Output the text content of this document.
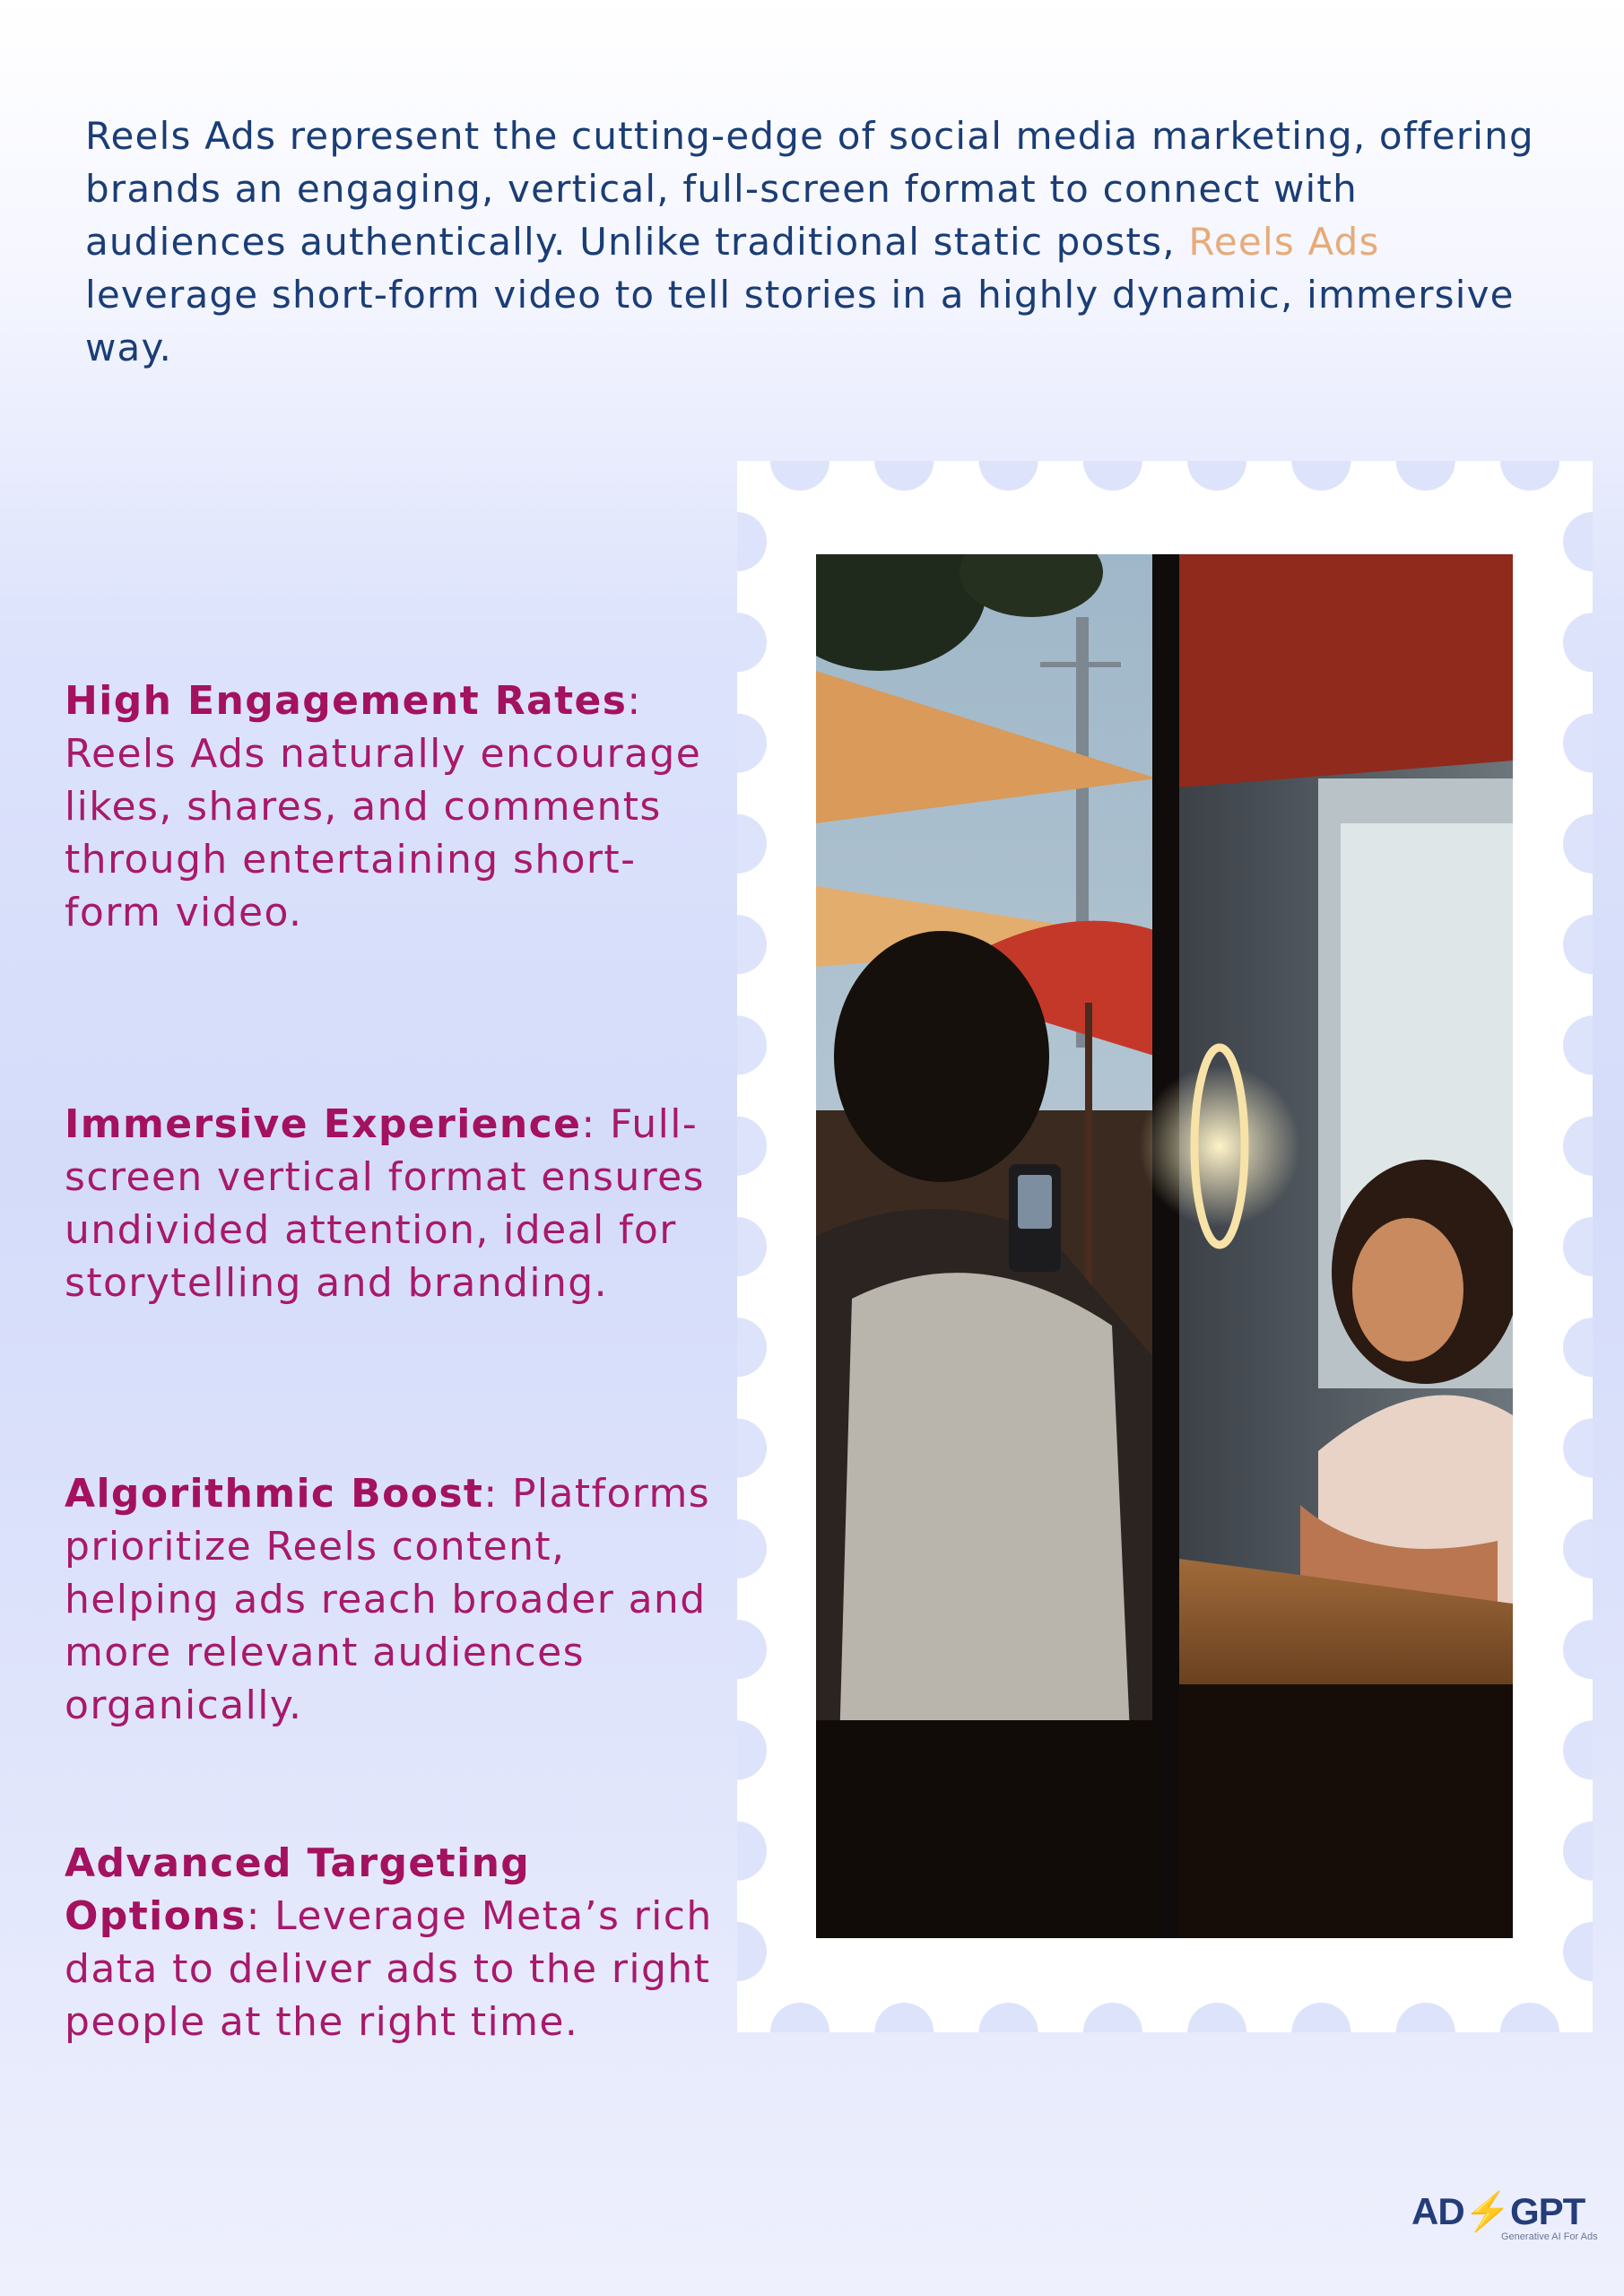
Reels Ads represent the cutting-edge of social media marketing, offering brands an engaging, vertical, full-screen format to connect with audiences authentically. Unlike traditional static posts, Reels Ads leverage short-form video to tell stories in a highly dynamic, immersive way.

High Engagement Rates: Reels Ads naturally encourage likes, shares, and comments through entertaining short-form video.

Immersive Experience: Full-screen vertical format ensures undivided attention, ideal for storytelling and branding.

Algorithmic Boost: Platforms prioritize Reels content, helping ads reach broader and more relevant audiences organically.

Advanced Targeting Options: Leverage Meta’s rich data to deliver ads to the right people at the right time.

AD⚡GPT
Generative AI For Ads
